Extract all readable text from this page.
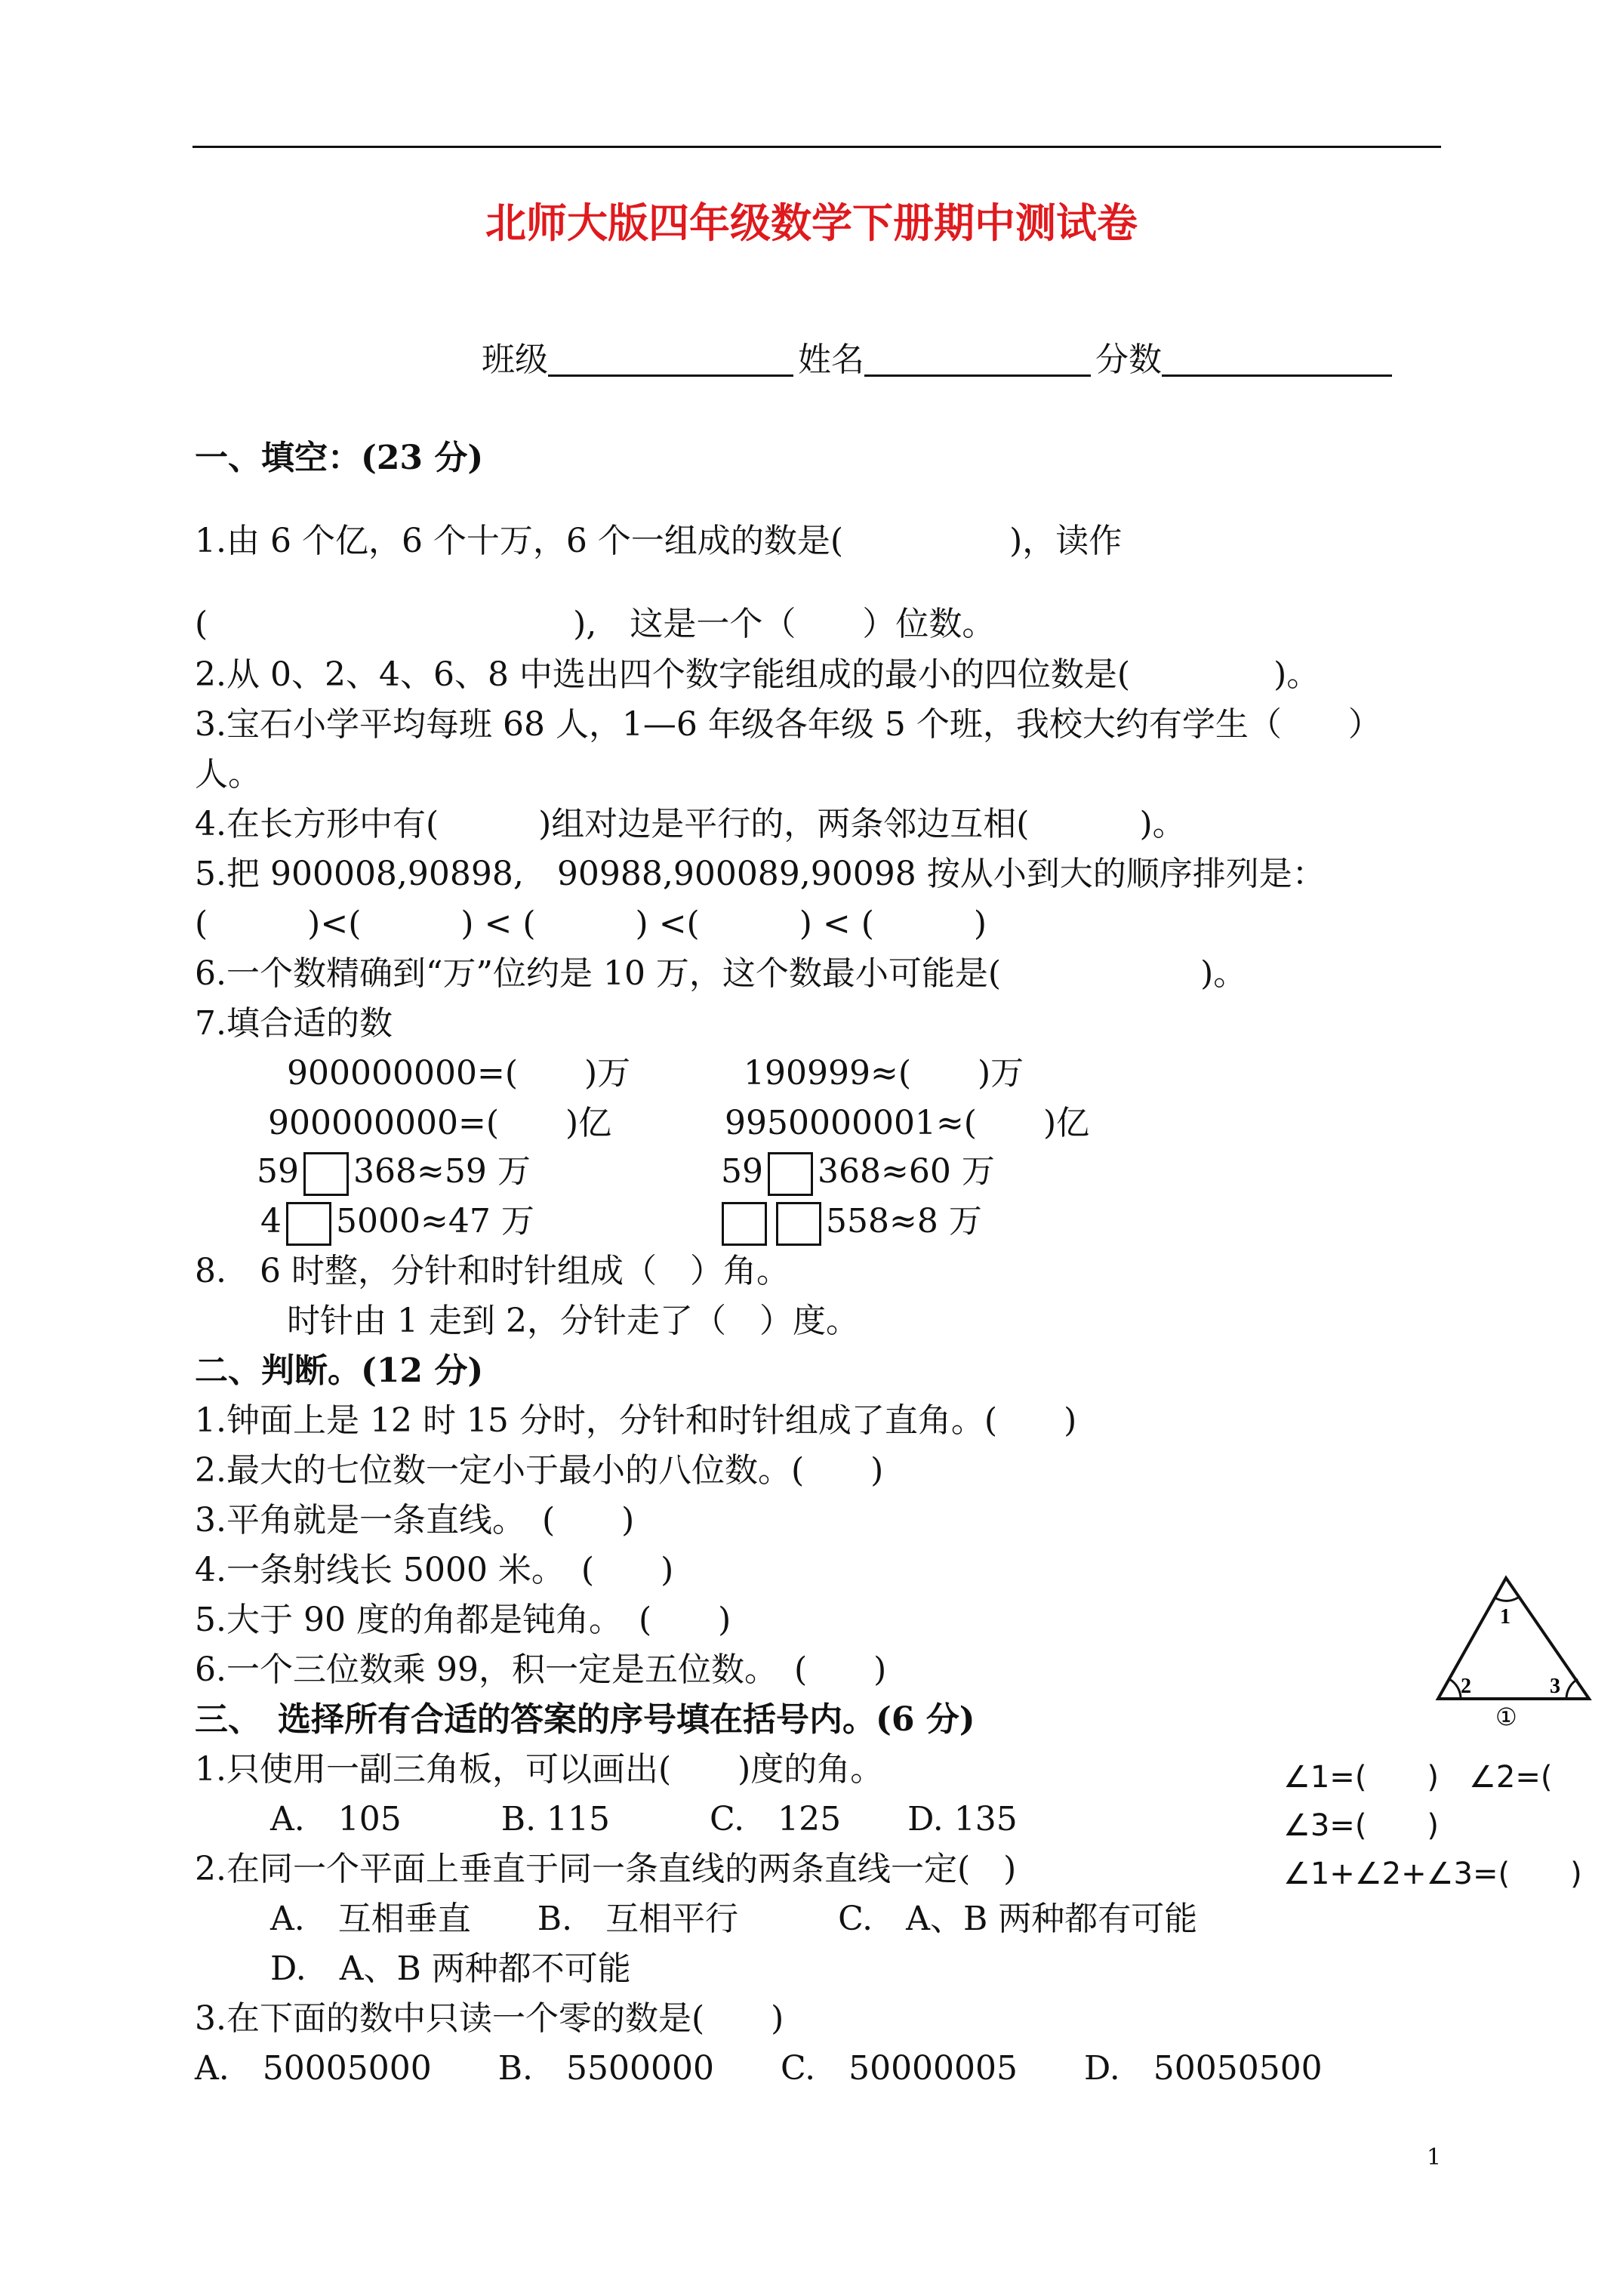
北师大版四年级数学下册期中测试卷

班级	姓名	分数

一、填空：(23 分)
1.由 6 个亿，6 个十万，6 个一组成的数是(　　　　　)，读作
(　　　　　　　　　　　),　这是一个（　　）位数。
2.从 0、2、4、6、8 中选出四个数字能组成的最小的四位数是(　　　　 )。
3.宝石小学平均每班 68 人，1—6 年级各年级 5 个班，我校大约有学生（　　）
人。
4.在长方形中有(　　　)组对边是平行的，两条邻边互相(　　　 )。
5.把 900008,90898,　90988,900089,90098 按从小到大的顺序排列是：
(　　　)<(　　　) < (　　　) <(　　　) < (　　　)
6.一个数精确到“万”位约是 10 万，这个数最小可能是(　　　　　　)。
7.填合适的数
900000000=(　　)万	190999≈(　　)万
900000000=(　　)亿	9950000001≈(　　)亿
59 368≈59 万	59 368≈60 万
4 5000≈47 万	558≈8 万
8.　6 时整，分针和时针组成（　）角。
时针由 1 走到 2，分针走了（　）度。
二、判断。(12 分)
1.钟面上是 12 时 15 分时，分针和时针组成了直角。(　　)
2.最大的七位数一定小于最小的八位数。(　　)
3.平角就是一条直线。　(　　)
4.一条射线长 5000 米。　(　　)
5.大于 90 度的角都是钝角。　(　　)
6.一个三位数乘 99，积一定是五位数。　(　　)
三、　选择所有合适的答案的序号填在括号内。(6 分)
1.只使用一副三角板，可以画出(　　)度的角。
A.　105　　　B. 115　　　C.　125　　D. 135
2.在同一个平面上垂直于同一条直线的两条直线一定(　)
A.　互相垂直　　B.　互相平行　　　C.　A、B 两种都有可能
D.　A、B 两种都不可能
3.在下面的数中只读一个零的数是(　　)
A.　50005000　　B.　5500000　　C.　50000005　　D.　50050500
1
2	3
①
∠1=(　　)　∠2=(
∠3=(　　)
∠1+∠2+∠3=(　　)
1
